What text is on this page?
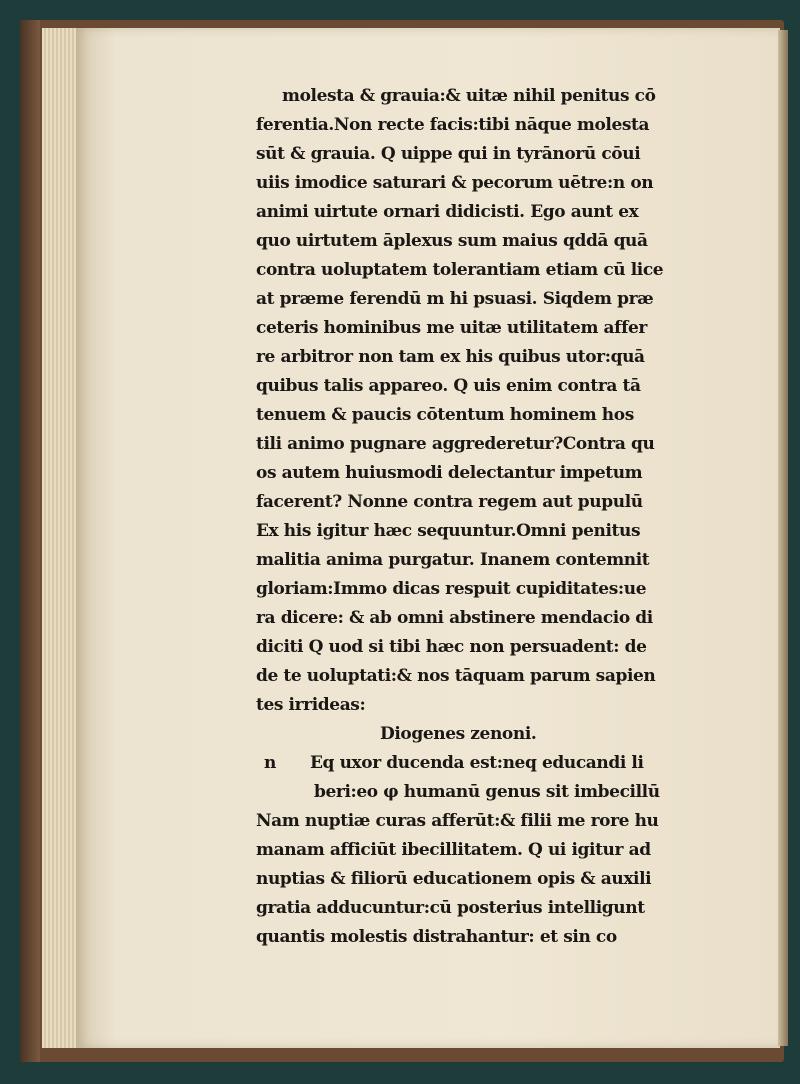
molesta & grauia:& uitæ nihil penitus cō
ferentia.Non recte facis:tibi nāque molesta
sūt & grauia. Q uippe qui in tyrānorū cōui
uiis imodice saturari & pecorum uētre:n on
animi uirtute ornari didicisti. Ego aunt ex
quo uirtutem āplexus sum maius qddā quā
contra uoluptatem tolerantiam etiam cū lice
at præme ferendū m hi psuasi. Siqdem præ
ceteris hominibus me uitæ utilitatem affer
re arbitror non tam ex his quibus utor:quā
quibus talis appareo. Q uis enim contra tā
tenuem & paucis cōtentum hominem hos
tili animo pugnare aggrederetur?Contra qu
os autem huiusmodi delectantur impetum
facerent? Nonne contra regem aut pupulū
Ex his igitur hæc sequuntur.Omni penitus
malitia anima purgatur. Inanem contemnit
gloriam:Immo dicas respuit cupiditates:ue
ra dicere: & ab omni abstinere mendacio di
diciti Q uod si tibi hæc non persuadent: de
de te uoluptati:& nos tāquam parum sapien
tes irrideas:
Diogenes zenoni.
n Eq uxor ducenda est:neq educandi li
beri:eo φ humanū genus sit imbecillū
Nam nuptiæ curas afferūt:& filii me rore hu
manam afficiūt ibecillitatem. Q ui igitur ad
nuptias & filiorū educationem opis & auxili
gratia adducuntur:cū posterius intelligunt
quantis molestis distrahantur: et sin co
